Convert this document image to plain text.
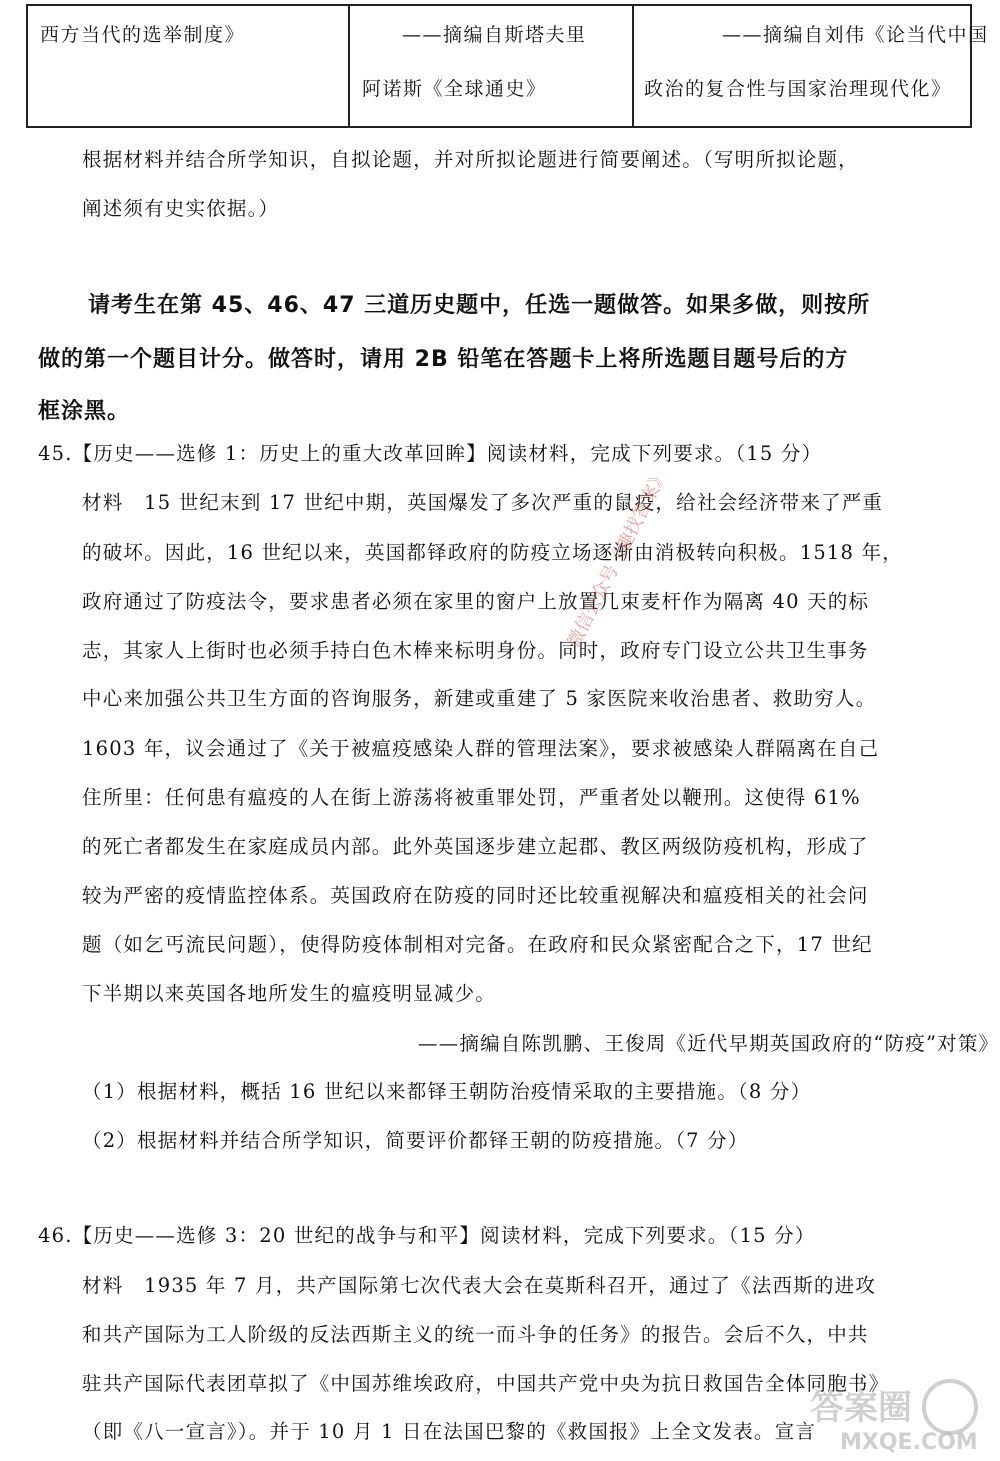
西方当代的选举制度》	——摘编自斯塔夫里
阿诺斯《全球通史》
——摘编自刘伟《论当代中国
政治的复合性与国家治理现代化》
根据材料并结合所学知识，自拟论题，并对所拟论题进行简要阐述。（写明所拟论题，
阐述须有史实依据。）
请考生在第 45、46、47 三道历史题中，任选一题做答。如果多做，则按所
做的第一个题目计分。做答时，请用 2B 铅笔在答题卡上将所选题目题号后的方
框涂黑。
45.【历史——选修 1：历史上的重大改革回眸】阅读材料，完成下列要求。（15 分）
材料　15 世纪末到 17 世纪中期，英国爆发了多次严重的鼠疫，给社会经济带来了严重
的破坏。因此，16 世纪以来，英国都铎政府的防疫立场逐渐由消极转向积极。1518 年，
政府通过了防疫法令，要求患者必须在家里的窗户上放置几束麦杆作为隔离 40 天的标
志，其家人上街时也必须手持白色木棒来标明身份。同时，政府专门设立公共卫生事务
中心来加强公共卫生方面的咨询服务，新建或重建了 5 家医院来收治患者、救助穷人。
1603 年，议会通过了《关于被瘟疫感染人群的管理法案》，要求被感染人群隔离在自己
住所里：任何患有瘟疫的人在街上游荡将被重罪处罚，严重者处以鞭刑。这使得 61%
的死亡者都发生在家庭成员内部。此外英国逐步建立起郡、教区两级防疫机构，形成了
较为严密的疫情监控体系。英国政府在防疫的同时还比较重视解决和瘟疫相关的社会问
题（如乞丐流民问题），使得防疫体制相对完备。在政府和民众紧密配合之下，17 世纪
下半期以来英国各地所发生的瘟疫明显减少。
——摘编自陈凯鹏、王俊周《近代早期英国政府的“防疫”对策》
（1）根据材料，概括 16 世纪以来都铎王朝防治疫情采取的主要措施。（8 分）
（2）根据材料并结合所学知识，简要评价都铎王朝的防疫措施。（7 分）
46.【历史——选修 3：20 世纪的战争与和平】阅读材料，完成下列要求。（15 分）
材料　1935 年 7 月，共产国际第七次代表大会在莫斯科召开，通过了《法西斯的进攻
和共产国际为工人阶级的反法西斯主义的统一而斗争的任务》的报告。会后不久，中共
驻共产国际代表团草拟了《中国苏维埃政府，中国共产党中央为抗日救国告全体同胞书》
（即《八一宣言》）。并于 10 月 1 日在法国巴黎的《救国报》上全文发表。宣言
微信公众号《趣找答案》
答案圈
MXQE.COM
